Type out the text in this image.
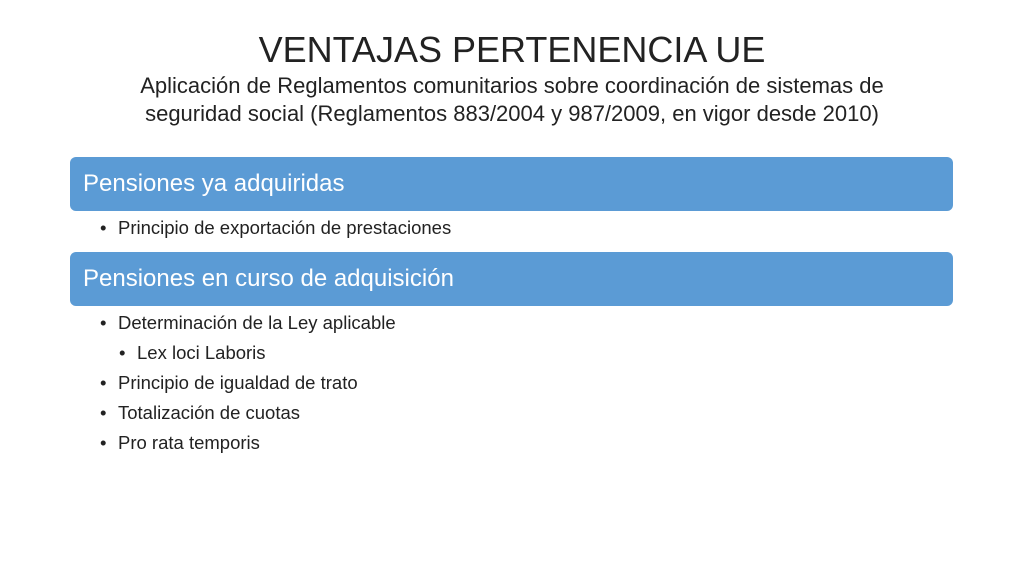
VENTAJAS PERTENENCIA UE

Aplicación de Reglamentos comunitarios sobre coordinación de sistemas de

seguridad social (Reglamentos 883/2004 y 987/2009, en vigor desde 2010)

Pensiones ya adquiridas
• Principio de exportación de prestaciones
Pensiones en curso de adquisición
• Determinación de la Ley aplicable
• Lex loci Laboris
• Principio de igualdad de trato
• Totalización de cuotas
• Pro rata temporis
